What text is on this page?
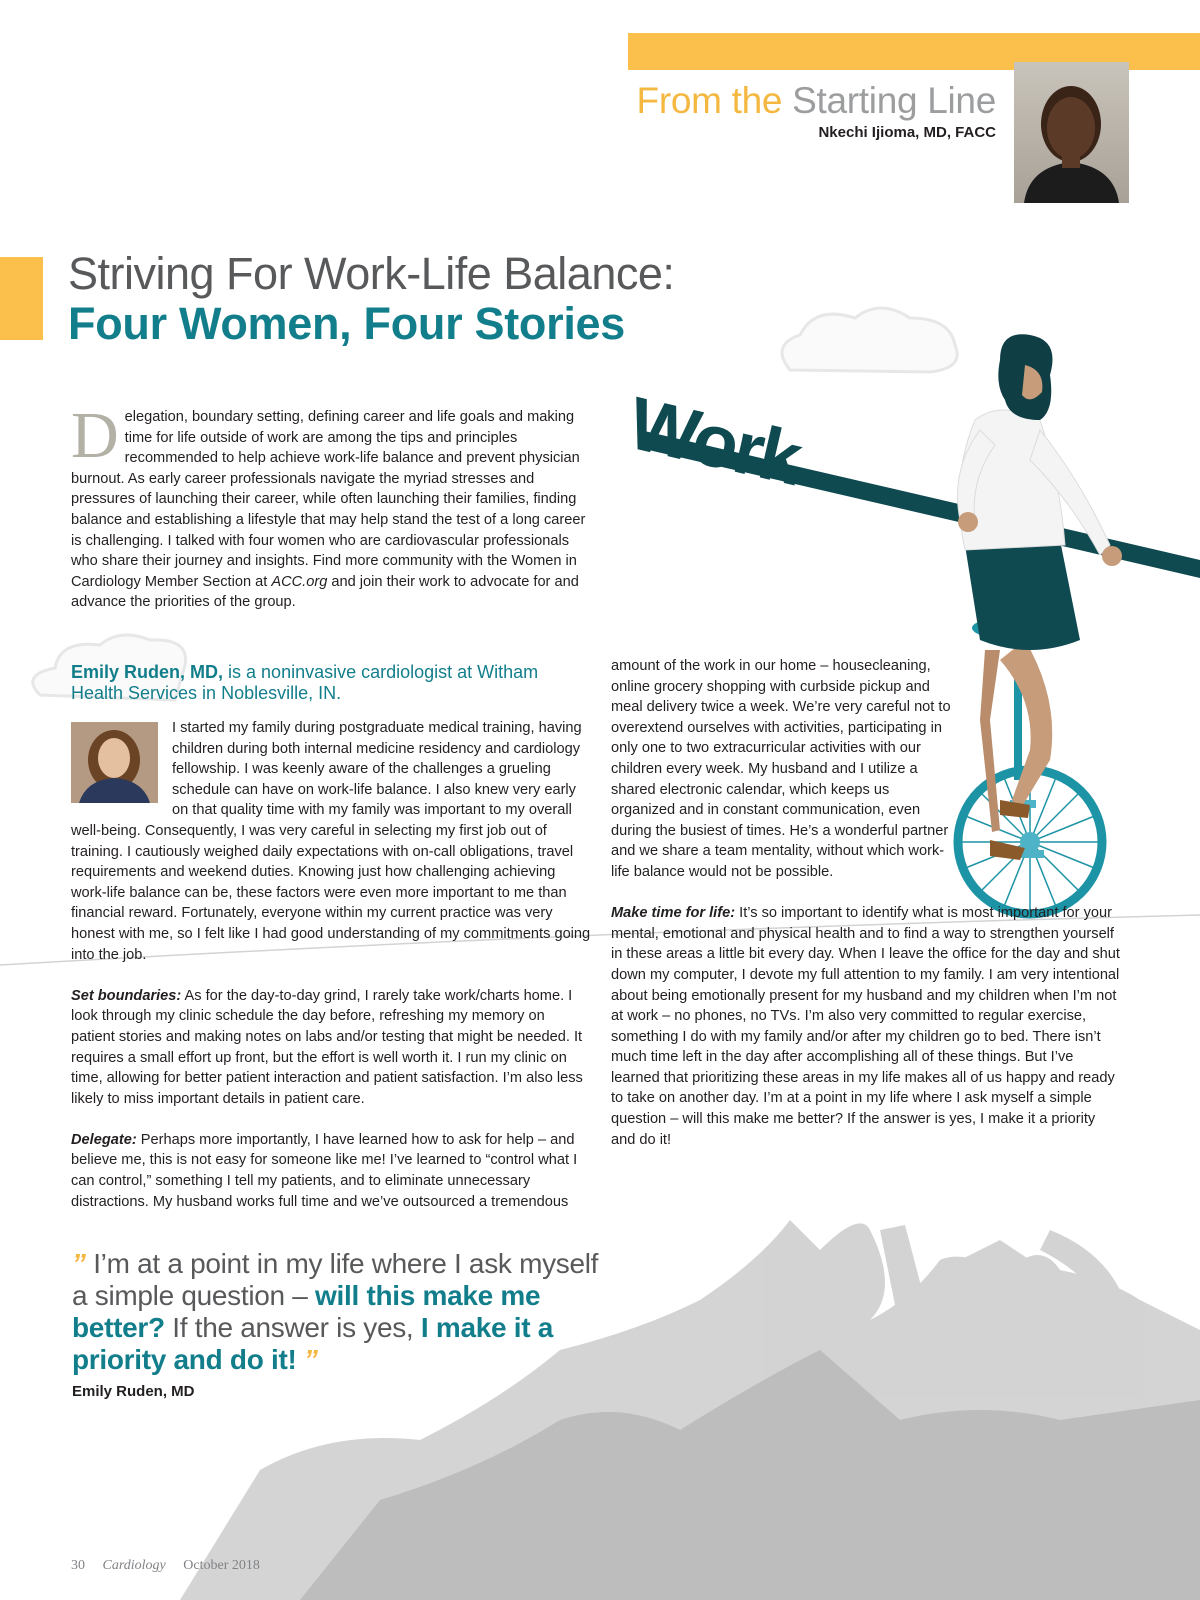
Work
From the Starting Line
Nkechi Ijioma, MD, FACC
Striving For Work-Life Balance:
Four Women, Four Stories
D elegation, boundary setting, defining career and life goals and making time for life outside of work are among the tips and principles recommended to help achieve work-life balance and prevent physician burnout. As early career professionals navigate the myriad stresses and pressures of launching their career, while often launching their families, finding balance and establishing a lifestyle that may help stand the test of a long career is challenging. I talked with four women who are cardiovascular professionals who share their journey and insights. Find more community with the Women in Cardiology Member Section at ACC.org and join their work to advocate for and advance the priorities of the group.
Emily Ruden, MD, is a noninvasive cardiologist at Witham Health Services in Noblesville, IN.

I started my family during postgraduate medical training, having children during both internal medicine residency and cardiology fellowship. I was keenly aware of the challenges a grueling schedule can have on work-life balance. I also knew very early on that quality time with my family was important to my overall well-being. Consequently, I was very careful in selecting my first job out of training. I cautiously weighed daily expectations with on-call obligations, travel requirements and weekend duties. Knowing just how challenging achieving work-life balance can be, these factors were even more important to me than financial reward. Fortunately, everyone within my current practice was very honest with me, so I felt like I had good understanding of my commitments going into the job.

Set boundaries: As for the day-to-day grind, I rarely take work/charts home. I look through my clinic schedule the day before, refreshing my memory on patient stories and making notes on labs and/or testing that might be needed. It requires a small effort up front, but the effort is well worth it. I run my clinic on time, allowing for better patient interaction and patient satisfaction. I’m also less likely to miss important details in patient care.

Delegate: Perhaps more importantly, I have learned how to ask for help – and believe me, this is not easy for someone like me! I’ve learned to “control what I can control,” something I tell my patients, and to eliminate unnecessary distractions. My husband works full time and we’ve outsourced a tremendous

amount of the work in our home – housecleaning, online grocery shopping with curbside pickup and meal delivery twice a week. We’re very careful not to overextend ourselves with activities, participating in only one to two extracurricular activities with our children every week. My husband and I utilize a shared electronic calendar, which keeps us organized and in constant communication, even during the busiest of times. He’s a wonderful partner and we share a team mentality, without which work-life balance would not be possible.

Make time for life: It’s so important to identify what is most important for your mental, emotional and physical health and to find a way to strengthen yourself in these areas a little bit every day. When I leave the office for the day and shut down my computer, I devote my full attention to my family. I am very intentional about being emotionally present for my husband and my children when I’m not at work – no phones, no TVs. I’m also very committed to regular exercise, something I do with my family and/or after my children go to bed. There isn’t much time left in the day after accomplishing all of these things. But I’ve learned that prioritizing these areas in my life makes all of us happy and ready to take on another day. I’m at a point in my life where I ask myself a simple question – will this make me better? If the answer is yes, I make it a priority and do it!

” I’m at a point in my life where I ask myself a simple question – will this make me better? If the answer is yes, I make it a priority and do it! ”
Emily Ruden, MD
30 Cardiology October 2018
